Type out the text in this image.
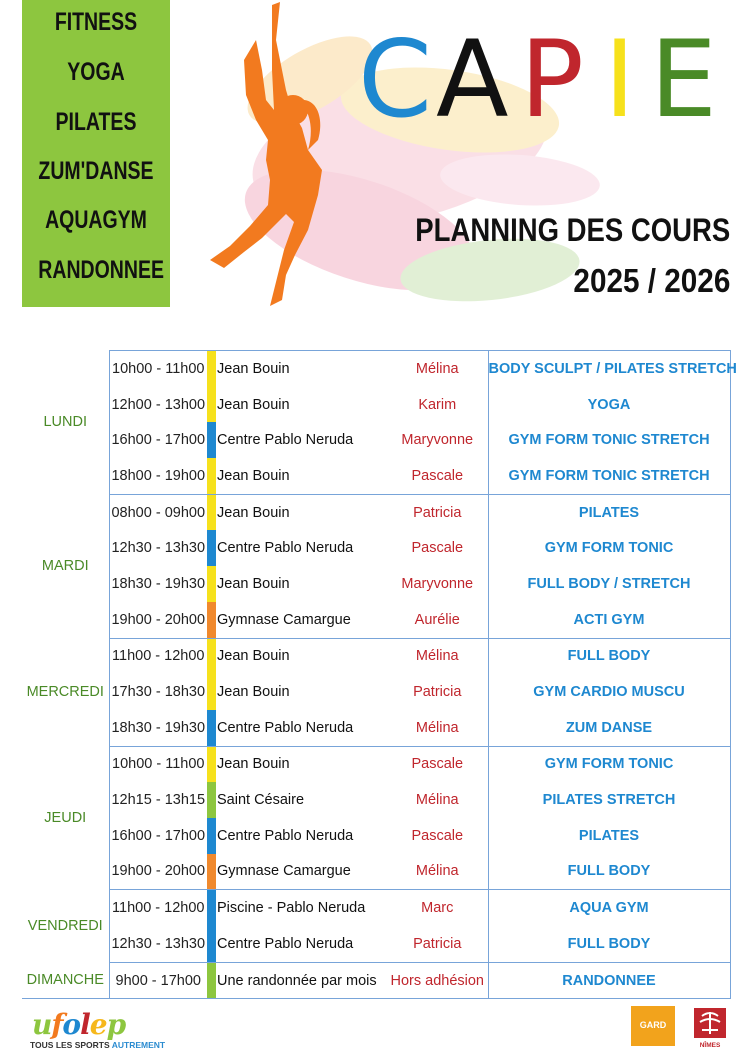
FITNESS
YOGA
PILATES
ZUM'DANSE
AQUAGYM
RANDONNEE
C A P I E
PLANNING DES COURS
2025 / 2026
LUNDI	10h00 - 11h00		Jean Bouin	Mélina	BODY SCULPT / PILATES STRETCH
	12h00 - 13h00		Jean Bouin	Karim	YOGA
	16h00 - 17h00		Centre Pablo Neruda	Maryvonne	GYM FORM TONIC STRETCH
	18h00 - 19h00		Jean Bouin	Pascale	GYM FORM TONIC STRETCH
MARDI	08h00 - 09h00		Jean Bouin	Patricia	PILATES
	12h30 - 13h30		Centre Pablo Neruda	Pascale	GYM FORM TONIC
	18h30 - 19h30		Jean Bouin	Maryvonne	FULL BODY / STRETCH
	19h00 - 20h00		Gymnase Camargue	Aurélie	ACTI GYM
MERCREDI	11h00 - 12h00		Jean Bouin	Mélina	FULL BODY
	17h30 - 18h30		Jean Bouin	Patricia	GYM CARDIO MUSCU
	18h30 - 19h30		Centre Pablo Neruda	Mélina	ZUM DANSE
JEUDI	10h00 - 11h00		Jean Bouin	Pascale	GYM FORM TONIC
	12h15 - 13h15		Saint Césaire	Mélina	PILATES STRETCH
	16h00 - 17h00		Centre Pablo Neruda	Pascale	PILATES
	19h00 - 20h00		Gymnase Camargue	Mélina	FULL BODY
VENDREDI	11h00 - 12h00		Piscine - Pablo Neruda	Marc	AQUA GYM
	12h30 - 13h30		Centre Pablo Neruda	Patricia	FULL BODY
DIMANCHE	9h00 - 17h00		Une randonnée par mois	Hors adhésion	RANDONNEE
ufolep
TOUS LES SPORTS AUTREMENT
GARD
NÎMES
